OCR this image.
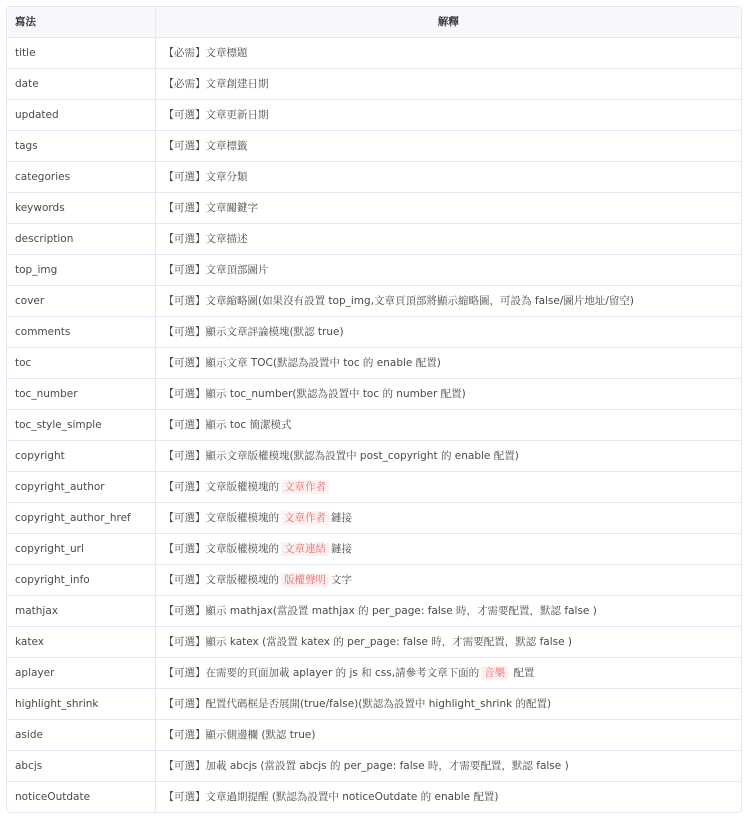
寫法	解釋
title	【必需】文章標題
date	【必需】文章創建日期
updated	【可選】文章更新日期
tags	【可選】文章標籤
categories	【可選】文章分類
keywords	【可選】文章關鍵字
description	【可選】文章描述
top_img	【可選】文章頂部圖片
cover	【可選】文章縮略圖(如果沒有設置 top_img,文章頁頂部將顯示縮略圖，可設為 false/圖片地址/留空)
comments	【可選】顯示文章評論模塊(默認 true)
toc	【可選】顯示文章 TOC(默認為設置中 toc 的 enable 配置)
toc_number	【可選】顯示 toc_number(默認為設置中 toc 的 number 配置)
toc_style_simple	【可選】顯示 toc 簡潔模式
copyright	【可選】顯示文章版權模塊(默認為設置中 post_copyright 的 enable 配置)
copyright_author	【可選】文章版權模塊的 文章作者
copyright_author_href	【可選】文章版權模塊的 文章作者 鏈接
copyright_url	【可選】文章版權模塊的 文章連結 鏈接
copyright_info	【可選】文章版權模塊的 版權聲明 文字
mathjax	【可選】顯示 mathjax(當設置 mathjax 的 per_page: false 時，才需要配置，默認 false )
katex	【可選】顯示 katex (當設置 katex 的 per_page: false 時，才需要配置，默認 false )
aplayer	【可選】在需要的頁面加載 aplayer 的 js 和 css,請參考文章下面的 音樂 配置
highlight_shrink	【可選】配置代碼框是否展開(true/false)(默認為設置中 highlight_shrink 的配置)
aside	【可選】顯示側邊欄 (默認 true)
abcjs	【可選】加載 abcjs (當設置 abcjs 的 per_page: false 時，才需要配置，默認 false )
noticeOutdate	【可選】文章過期提醒 (默認為設置中 noticeOutdate 的 enable 配置)
